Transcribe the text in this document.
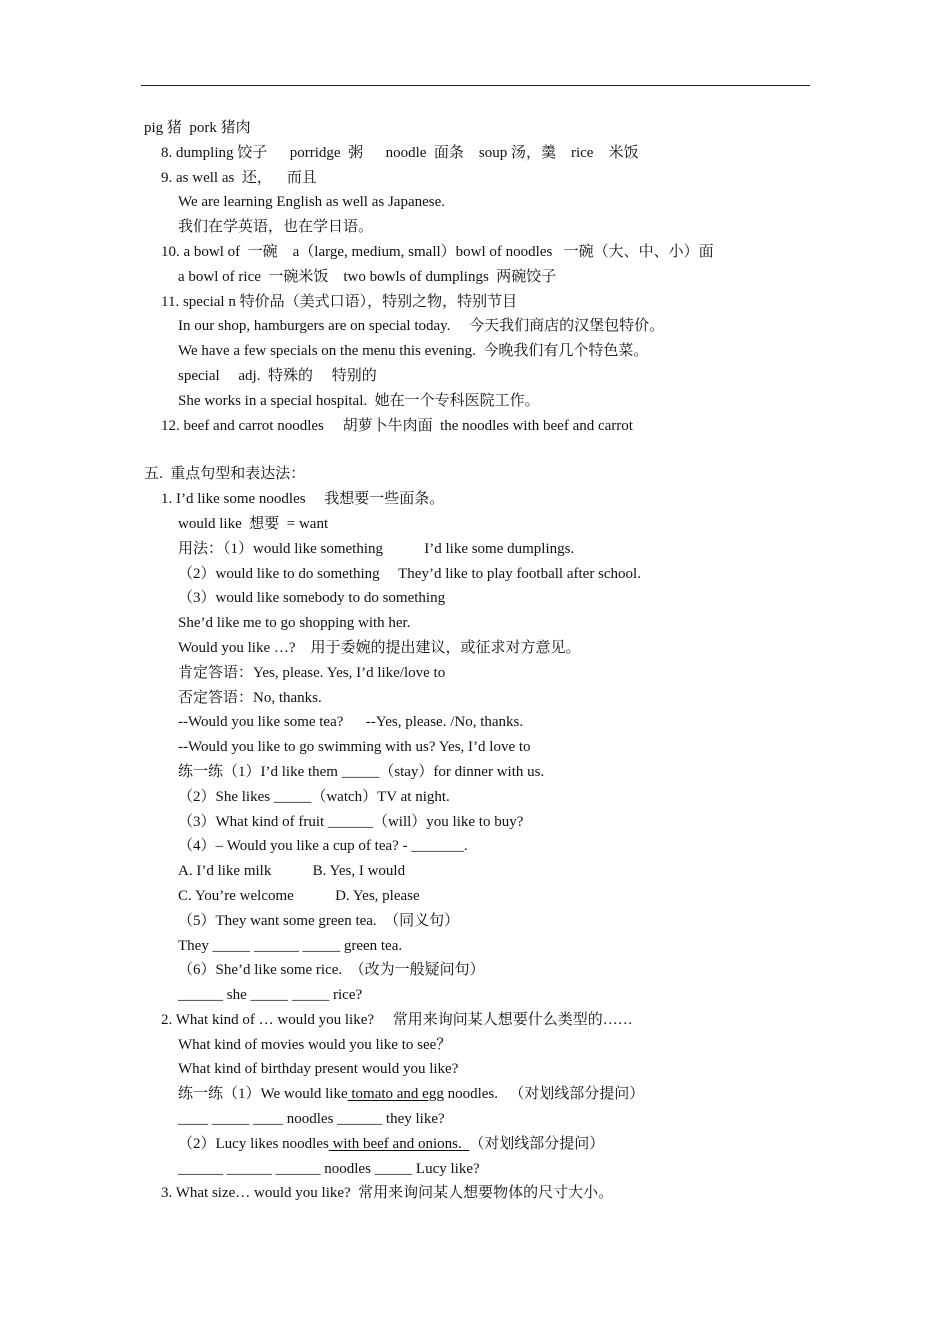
pig 猪  pork 猪肉
8. dumpling 饺子      porridge  粥      noodle  面条    soup 汤，羹    rice    米饭
9. as well as  还，    而且
We are learning English as well as Japanese.
我们在学英语，也在学日语。
10. a bowl of  一碗    a（large, medium, small）bowl of noodles   一碗（大、中、小）面
a bowl of rice  一碗米饭    two bowls of dumplings  两碗饺子
11. special n 特价品（美式口语），特别之物，特别节目
In our shop, hamburgers are on special today.     今天我们商店的汉堡包特价。
We have a few specials on the menu this evening.  今晚我们有几个特色菜。
special     adj.  特殊的     特别的
She works in a special hospital.  她在一个专科医院工作。
12. beef and carrot noodles     胡萝卜牛肉面  the noodles with beef and carrot
五.  重点句型和表达法：
1. I’d like some noodles     我想要一些面条。
would like  想要  = want
用法：（1）would like something           I’d like some dumplings.
（2）would like to do something     They’d like to play football after school.
（3）would like somebody to do something
She’d like me to go shopping with her.
Would you like …?    用于委婉的提出建议，或征求对方意见。
肯定答语：Yes, please. Yes, I’d like/love to
否定答语：No, thanks.
--Would you like some tea?      --Yes, please. /No, thanks.
--Would you like to go swimming with us? Yes, I’d love to
练一练（1）I’d like them _____（stay）for dinner with us.
（2）She likes _____（watch）TV at night.
（3）What kind of fruit ______（will）you like to buy?
（4）– Would you like a cup of tea? - _______.
A. I’d like milk           B. Yes, I would
C. You’re welcome           D. Yes, please
（5）They want some green tea.  （同义句）
They _____ ______ _____ green tea.
（6）She’d like some rice.  （改为一般疑问句）
______ she _____ _____ rice?
2. What kind of … would you like?     常用来询问某人想要什么类型的……
What kind of movies would you like to see？
What kind of birthday present would you like?
练一练（1）We would like tomato and egg noodles.   （对划线部分提问）
____ _____ ____ noodles ______ they like?
（2）Lucy likes noodles with beef and onions.  （对划线部分提问）
______ ______ ______ noodles _____ Lucy like?
3. What size… would you like?  常用来询问某人想要物体的尺寸大小。
